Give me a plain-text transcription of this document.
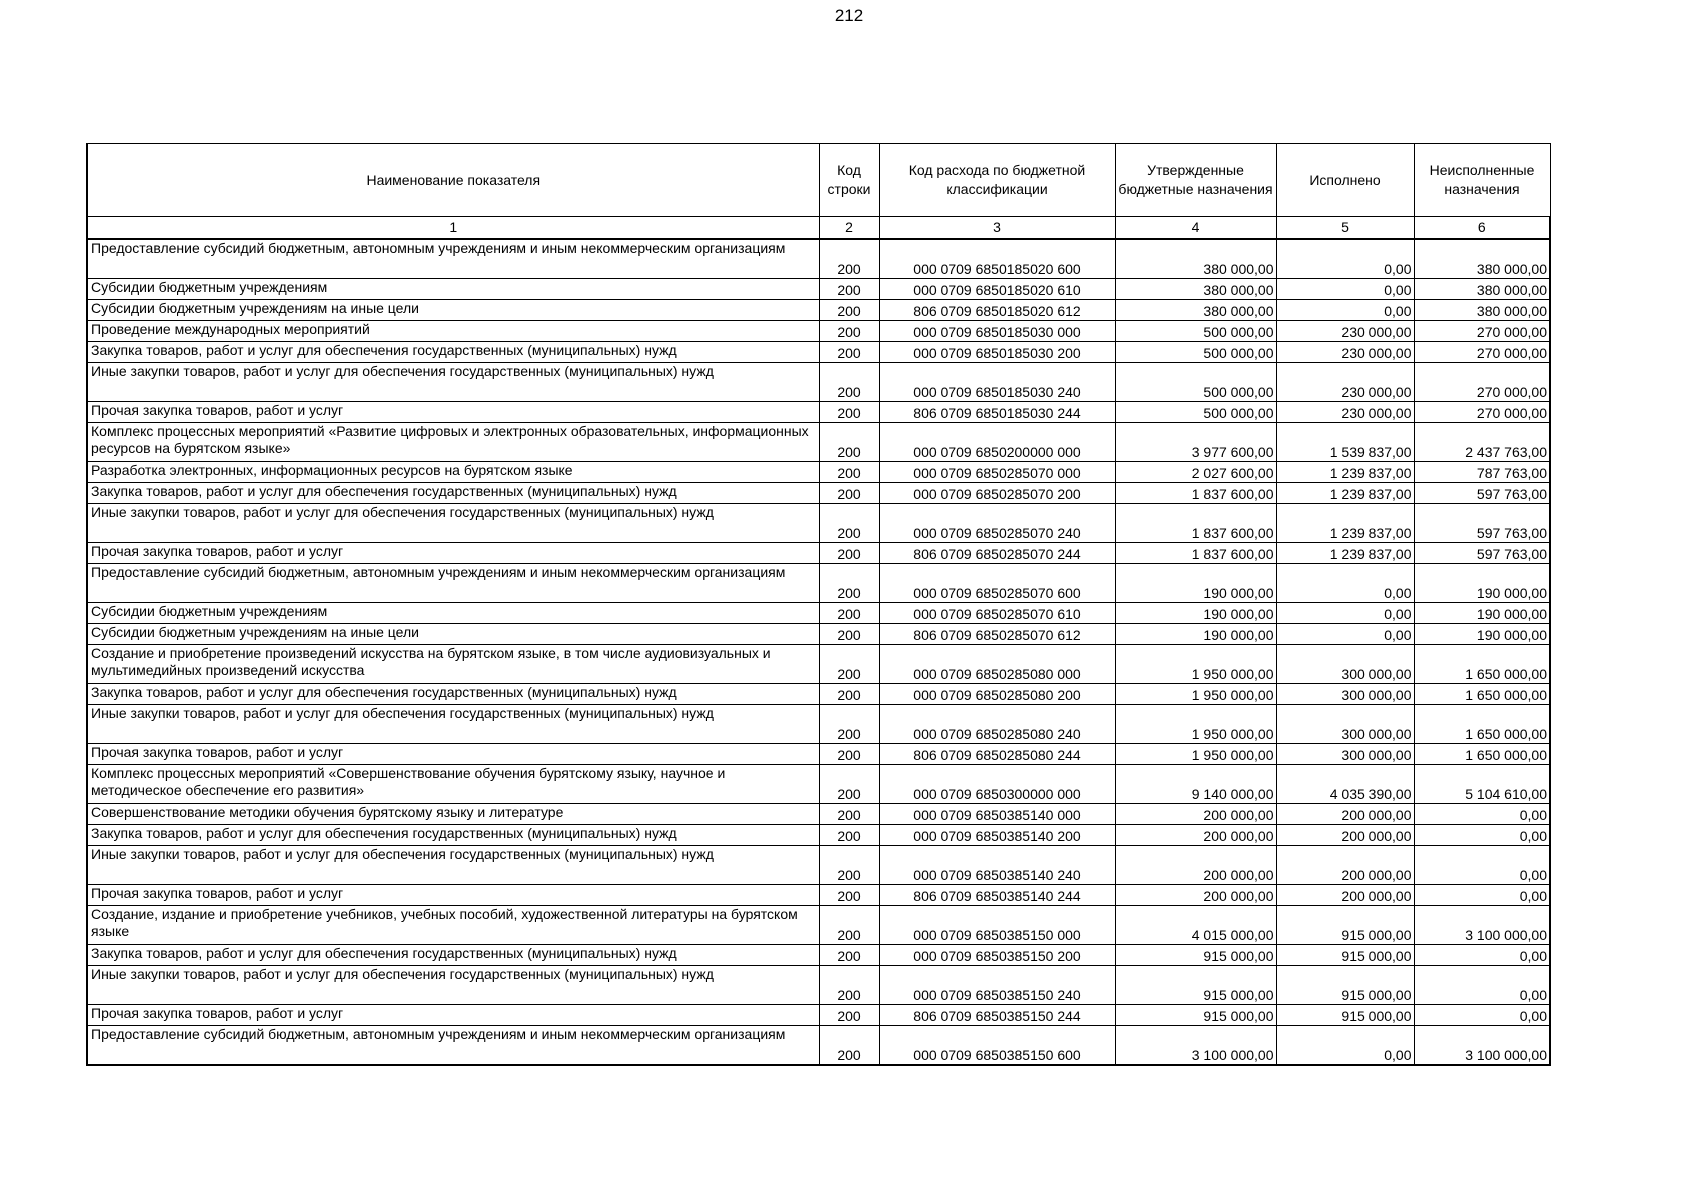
212
Наименование показателя	Код строки	Код расхода по бюджетной классификации	Утвержденные бюджетные назначения	Исполнено	Неисполненные назначения
1	2	3	4	5	6
Предоставление субсидий бюджетным, автономным учреждениям и иным некоммерческим организациям	200	000 0709 6850185020 600	380 000,00	0,00	380 000,00
Субсидии бюджетным учреждениям	200	000 0709 6850185020 610	380 000,00	0,00	380 000,00
Субсидии бюджетным учреждениям на иные цели	200	806 0709 6850185020 612	380 000,00	0,00	380 000,00
Проведение международных мероприятий	200	000 0709 6850185030 000	500 000,00	230 000,00	270 000,00
Закупка товаров, работ и услуг для обеспечения государственных (муниципальных) нужд	200	000 0709 6850185030 200	500 000,00	230 000,00	270 000,00
Иные закупки товаров, работ и услуг для обеспечения государственных (муниципальных) нужд	200	000 0709 6850185030 240	500 000,00	230 000,00	270 000,00
Прочая закупка товаров, работ и услуг	200	806 0709 6850185030 244	500 000,00	230 000,00	270 000,00
Комплекс процессных мероприятий «Развитие цифровых и электронных образовательных, информационных ресурсов на бурятском языке»	200	000 0709 6850200000 000	3 977 600,00	1 539 837,00	2 437 763,00
Разработка электронных, информационных ресурсов на бурятском языке	200	000 0709 6850285070 000	2 027 600,00	1 239 837,00	787 763,00
Закупка товаров, работ и услуг для обеспечения государственных (муниципальных) нужд	200	000 0709 6850285070 200	1 837 600,00	1 239 837,00	597 763,00
Иные закупки товаров, работ и услуг для обеспечения государственных (муниципальных) нужд	200	000 0709 6850285070 240	1 837 600,00	1 239 837,00	597 763,00
Прочая закупка товаров, работ и услуг	200	806 0709 6850285070 244	1 837 600,00	1 239 837,00	597 763,00
Предоставление субсидий бюджетным, автономным учреждениям и иным некоммерческим организациям	200	000 0709 6850285070 600	190 000,00	0,00	190 000,00
Субсидии бюджетным учреждениям	200	000 0709 6850285070 610	190 000,00	0,00	190 000,00
Субсидии бюджетным учреждениям на иные цели	200	806 0709 6850285070 612	190 000,00	0,00	190 000,00
Создание и приобретение произведений искусства на бурятском языке, в том числе аудиовизуальных и мультимедийных произведений искусства	200	000 0709 6850285080 000	1 950 000,00	300 000,00	1 650 000,00
Закупка товаров, работ и услуг для обеспечения государственных (муниципальных) нужд	200	000 0709 6850285080 200	1 950 000,00	300 000,00	1 650 000,00
Иные закупки товаров, работ и услуг для обеспечения государственных (муниципальных) нужд	200	000 0709 6850285080 240	1 950 000,00	300 000,00	1 650 000,00
Прочая закупка товаров, работ и услуг	200	806 0709 6850285080 244	1 950 000,00	300 000,00	1 650 000,00
Комплекс процессных мероприятий «Совершенствование обучения бурятскому языку, научное и методическое обеспечение его развития»	200	000 0709 6850300000 000	9 140 000,00	4 035 390,00	5 104 610,00
Совершенствование методики обучения бурятскому языку и литературе	200	000 0709 6850385140 000	200 000,00	200 000,00	0,00
Закупка товаров, работ и услуг для обеспечения государственных (муниципальных) нужд	200	000 0709 6850385140 200	200 000,00	200 000,00	0,00
Иные закупки товаров, работ и услуг для обеспечения государственных (муниципальных) нужд	200	000 0709 6850385140 240	200 000,00	200 000,00	0,00
Прочая закупка товаров, работ и услуг	200	806 0709 6850385140 244	200 000,00	200 000,00	0,00
Создание, издание и приобретение учебников, учебных пособий, художественной литературы на бурятском языке	200	000 0709 6850385150 000	4 015 000,00	915 000,00	3 100 000,00
Закупка товаров, работ и услуг для обеспечения государственных (муниципальных) нужд	200	000 0709 6850385150 200	915 000,00	915 000,00	0,00
Иные закупки товаров, работ и услуг для обеспечения государственных (муниципальных) нужд	200	000 0709 6850385150 240	915 000,00	915 000,00	0,00
Прочая закупка товаров, работ и услуг	200	806 0709 6850385150 244	915 000,00	915 000,00	0,00
Предоставление субсидий бюджетным, автономным учреждениям и иным некоммерческим организациям	200	000 0709 6850385150 600	3 100 000,00	0,00	3 100 000,00
